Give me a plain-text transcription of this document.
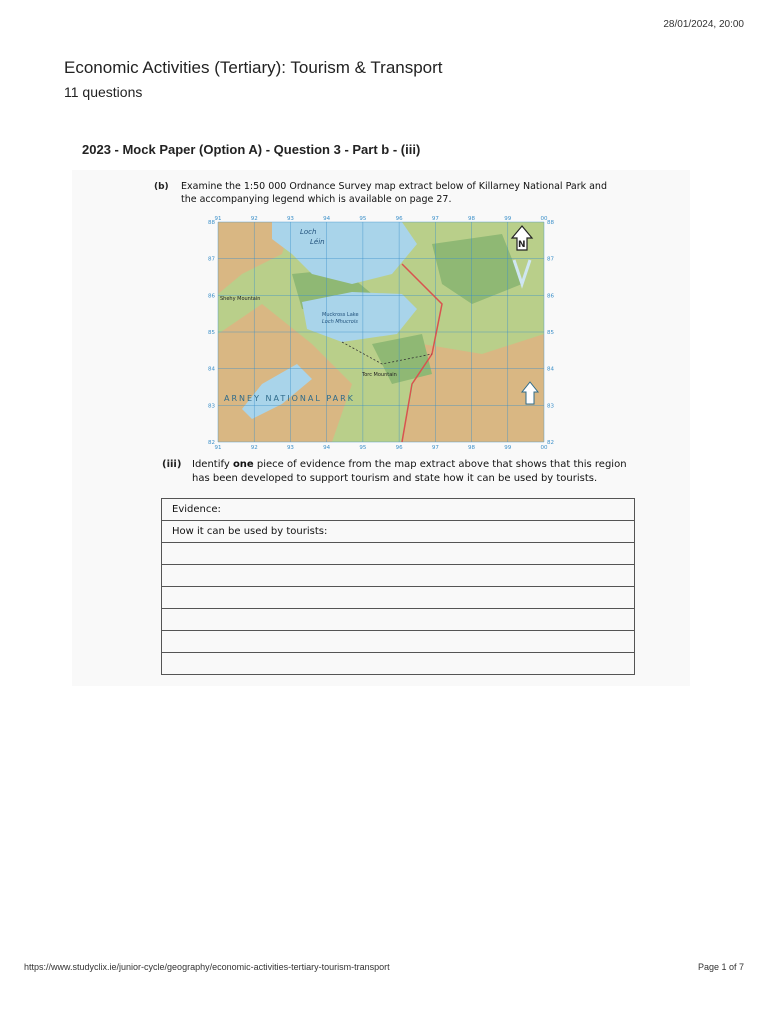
28/01/2024, 20:00
Economic Activities (Tertiary): Tourism & Transport
11 questions
2023 - Mock Paper (Option A) - Question 3 - Part b - (iii)
(b) Examine the 1:50 000 Ordnance Survey map extract below of Killarney National Park and the accompanying legend which is available on page 27.
91	92	93	94	95	96	97	98	99	00
91	92	93	94	95	96	97	98	99	00
88
87
86
85
84
83
82
88
87
86
85
84
83
82
Loch
Léin
Muckross Lake
Loch Mhucrois
Shehy Mountain
Torc Mountain
ARNEY NATIONAL PARK
N
(iii) Identify one piece of evidence from the map extract above that shows that this region has been developed to support tourism and state how it can be used by tourists.
Evidence:
How it can be used by tourists:

https://www.studyclix.ie/junior-cycle/geography/economic-activities-tertiary-tourism-transport	Page 1 of 7
